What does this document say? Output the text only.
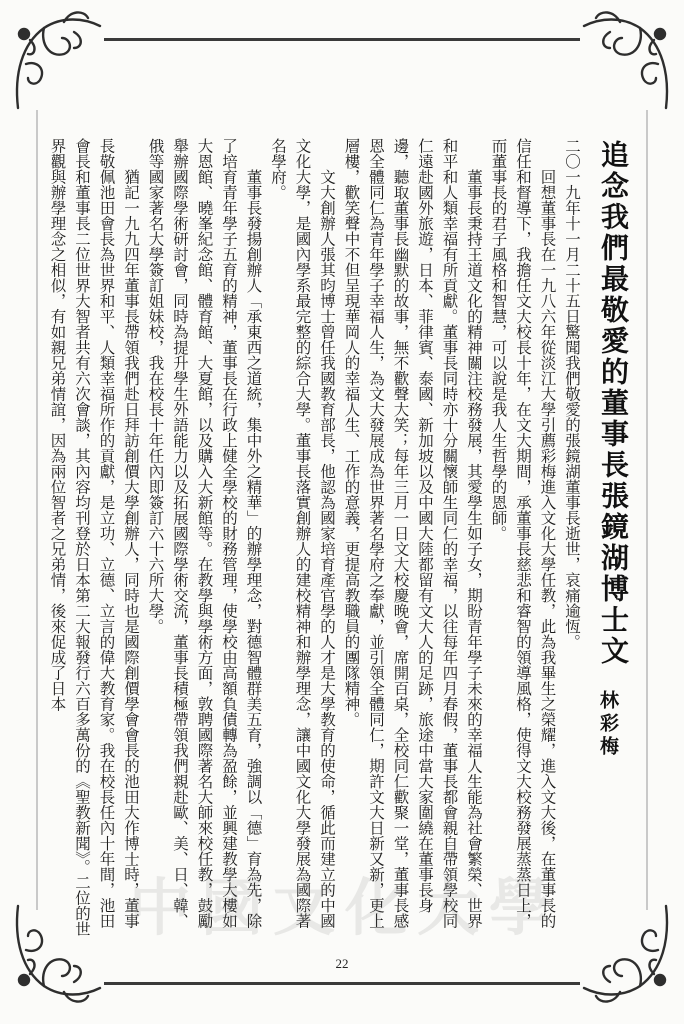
追念我們最敬愛的董事長張鏡湖博士文
林彩梅

二〇一九年十一月二十五日驚聞我們敬愛的張鏡湖董事長逝世，哀痛逾恆。

回想董事長在一九八六年從淡江大學引薦彩梅進入文化大學任教，此為我畢生之榮耀，進入文大後，在董事長的信任和督導下，我擔任文大校長十年，在文大期間，承董事長慈悲和睿智的領導風格，使得文大校務發展蒸蒸日上，而董事長的君子風格和智慧，可以說是我人生哲學的恩師。

董事長秉持王道文化的精神關注校務發展，其愛學生如子女，期盼青年學子未來的幸福人生能為社會繁榮、世界和平和人類幸福有所貢獻。董事長同時亦十分關懷師生同仁的幸福，以往每年四月春假，董事長都會親自帶領學校同仁遠赴國外旅遊，日本、菲律賓、泰國、新加坡以及中國大陸都留有文大人的足跡，旅途中當大家圍繞在董事長身邊，聽取董事長幽默的故事，無不歡聲大笑；每年三月一日文大校慶晚會，席開百桌，全校同仁歡聚一堂，董事長感恩全體同仁為青年學子幸福人生，為文大發展成為世界著名學府之奉獻，並引領全體同仁，期許文大日新又新，更上層樓，歡笑聲中不但呈現華岡人的幸福人生、工作的意義，更提高教職員的團隊精神。

文大創辦人張其昀博士曾任我國教育部長，他認為國家培育產官學的人才是大學教育的使命，循此而建立的中國文化大學，是國內學系最完整的綜合大學。董事長落實創辦人的建校精神和辦學理念，讓中國文化大學發展為國際著名學府。

董事長發揚創辦人「承東西之道統，集中外之精華」的辦學理念，對德智體群美五育，強調以「德」育為先，除了培育青年學子五育的精神，董事長在行政上健全學校的財務管理，使學校由高額負債轉為盈餘，並興建教學大樓如大恩館、曉峯紀念館、體育館、大夏館，以及購入大新館等。在教學與學術方面，敦聘國際著名大師來校任教，鼓勵舉辦國際學術研討會，同時為提升學生外語能力以及拓展國際學術交流，董事長積極帶領我們親赴歐、美、日、韓、俄等國家著名大學簽訂姐妹校，我在校長十年任內即簽訂六十六所大學。

猶記一九九四年董事長帶領我們赴日拜訪創價大學創辦人，同時也是國際創價學會會長的池田大作博士時，董事長敬佩池田會長為世界和平、人類幸福所作的貢獻，是立功、立德、立言的偉大教育家。我在校長任內十年間，池田會長和董事長二位世界大智者共有六次會談，其內容均刊登於日本第二大報發行六百多萬份的《聖教新聞》。二位的世界觀與辦學理念之相似，有如親兄弟情誼，因為兩位智者之兄弟情，後來促成了日本

中國文化大學
22
